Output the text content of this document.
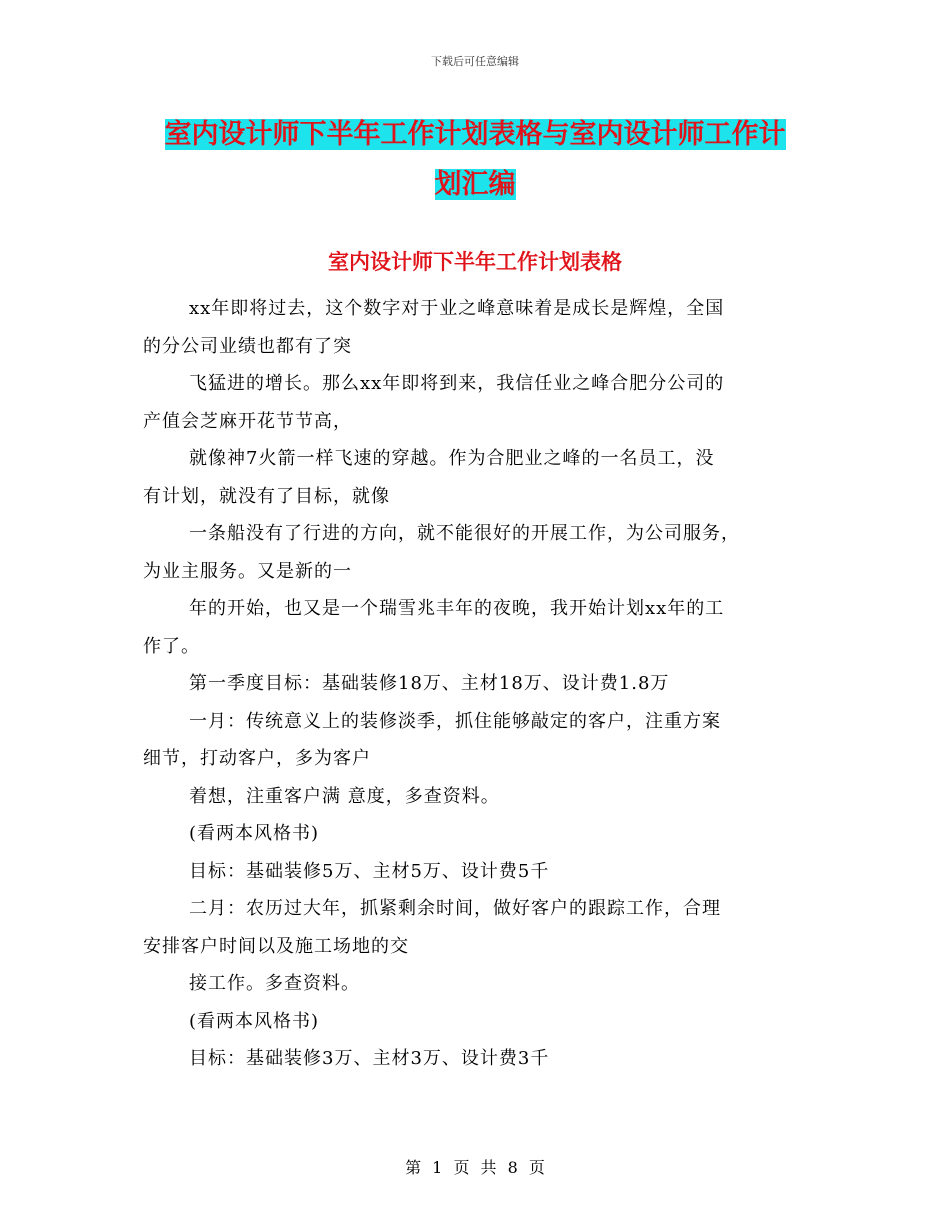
下载后可任意编辑
室内设计师下半年工作计划表格与室内设计师工作计
划汇编
室内设计师下半年工作计划表格

xx年即将过去，这个数字对于业之峰意味着是成长是辉煌，全国
的分公司业绩也都有了突

飞猛进的增长。那么xx年即将到来，我信任业之峰合肥分公司的
产值会芝麻开花节节高，

就像神7火箭一样飞速的穿越。作为合肥业之峰的一名员工，没
有计划，就没有了目标，就像

一条船没有了行进的方向，就不能很好的开展工作，为公司服务，
为业主服务。又是新的一

年的开始，也又是一个瑞雪兆丰年的夜晚，我开始计划xx年的工
作了。

第一季度目标：基础装修18万、主材18万、设计费1.8万

一月：传统意义上的装修淡季，抓住能够敲定的客户，注重方案
细节，打动客户，多为客户

着想，注重客户满 意度，多查资料。

(看两本风格书)

目标：基础装修5万、主材5万、设计费5千

二月：农历过大年，抓紧剩余时间，做好客户的跟踪工作，合理
安排客户时间以及施工场地的交

接工作。多查资料。

(看两本风格书)

目标：基础装修3万、主材3万、设计费3千

第 1 页 共 8 页
